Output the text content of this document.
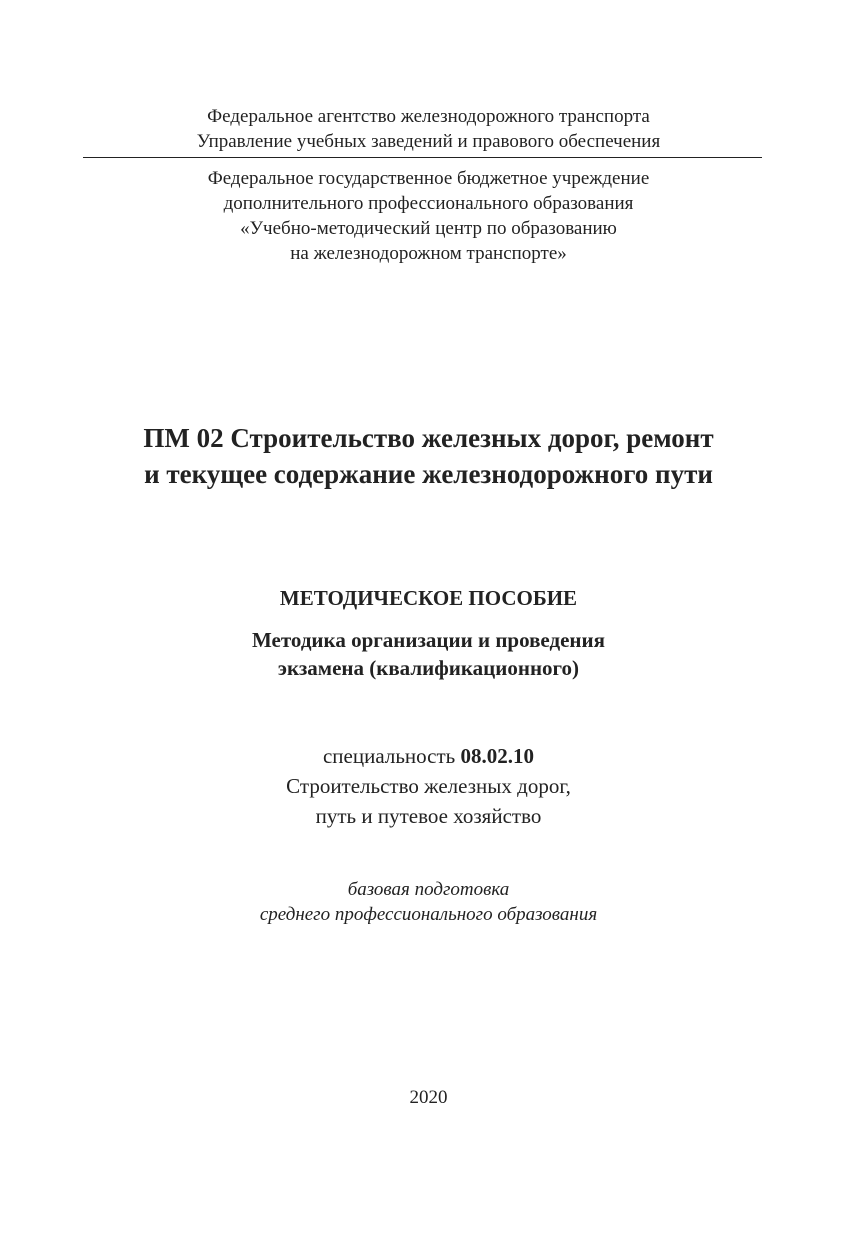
Федеральное агентство железнодорожного транспорта
Управление учебных заведений и правового обеспечения
Федеральное государственное бюджетное учреждение
дополнительного профессионального образования
«Учебно-методический центр по образованию
на железнодорожном транспорте»
ПМ 02 Строительство железных дорог, ремонт
и текущее содержание железнодорожного пути
МЕТОДИЧЕСКОЕ ПОСОБИЕ
Методика организации и проведения
экзамена (квалификационного)
специальность 08.02.10
Строительство железных дорог,
путь и путевое хозяйство
базовая подготовка
среднего профессионального образования
2020
